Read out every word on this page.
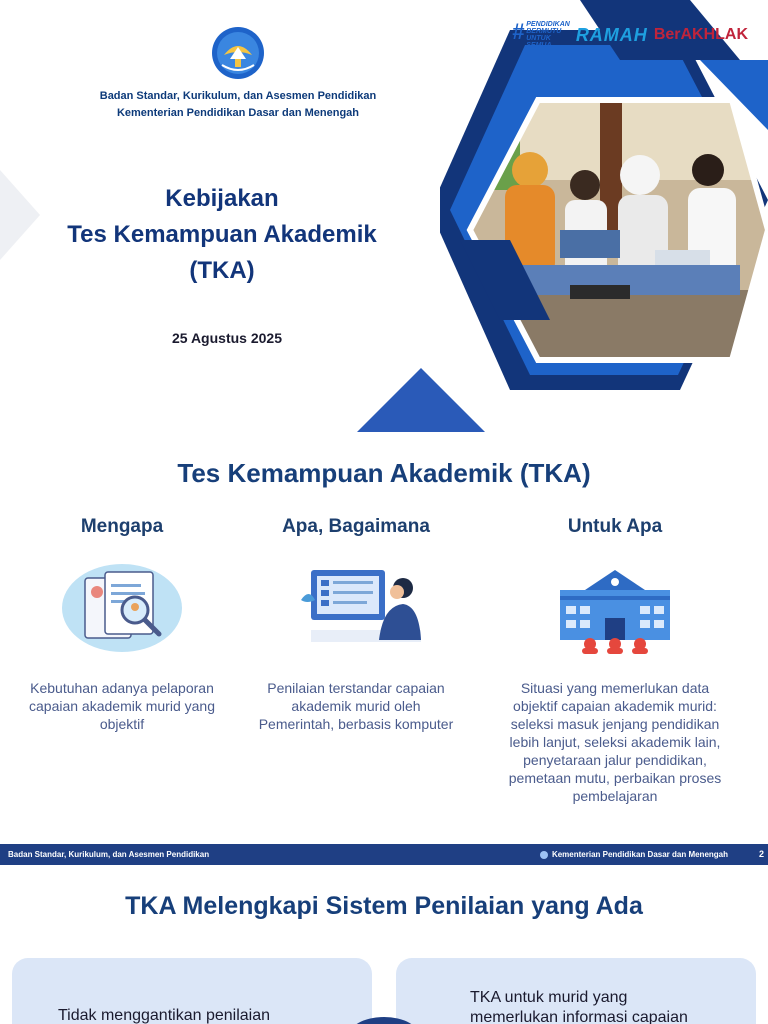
Badan Standar, Kurikulum, dan Asesmen Pendidikan
Kementerian Pendidikan Dasar dan Menengah
Kebijakan
Tes Kemampuan Akademik
(TKA)
25 Agustus 2025
# PENDIDIKAN
BERMUTU
UNTUK SEMUA
RAMAH BerAKHLAK
Tes Kemampuan Akademik (TKA)
Mengapa
Kebutuhan adanya pelaporan capaian akademik murid yang objektif
Apa, Bagaimana
Penilaian terstandar capaian akademik murid oleh Pemerintah, berbasis komputer
Untuk Apa
Situasi yang memerlukan data objektif capaian akademik murid: seleksi masuk jenjang pendidikan lebih lanjut, seleksi akademik lain, penyetaraan jalur pendidikan, pemetaan mutu, perbaikan proses pembelajaran
Badan Standar, Kurikulum, dan Asesmen Pendidikan	Kementerian Pendidikan Dasar dan Menengah	2
TKA Melengkapi Sistem Penilaian yang Ada
Tidak menggantikan penilaian
TKA untuk murid yang
memerlukan informasi capaian
